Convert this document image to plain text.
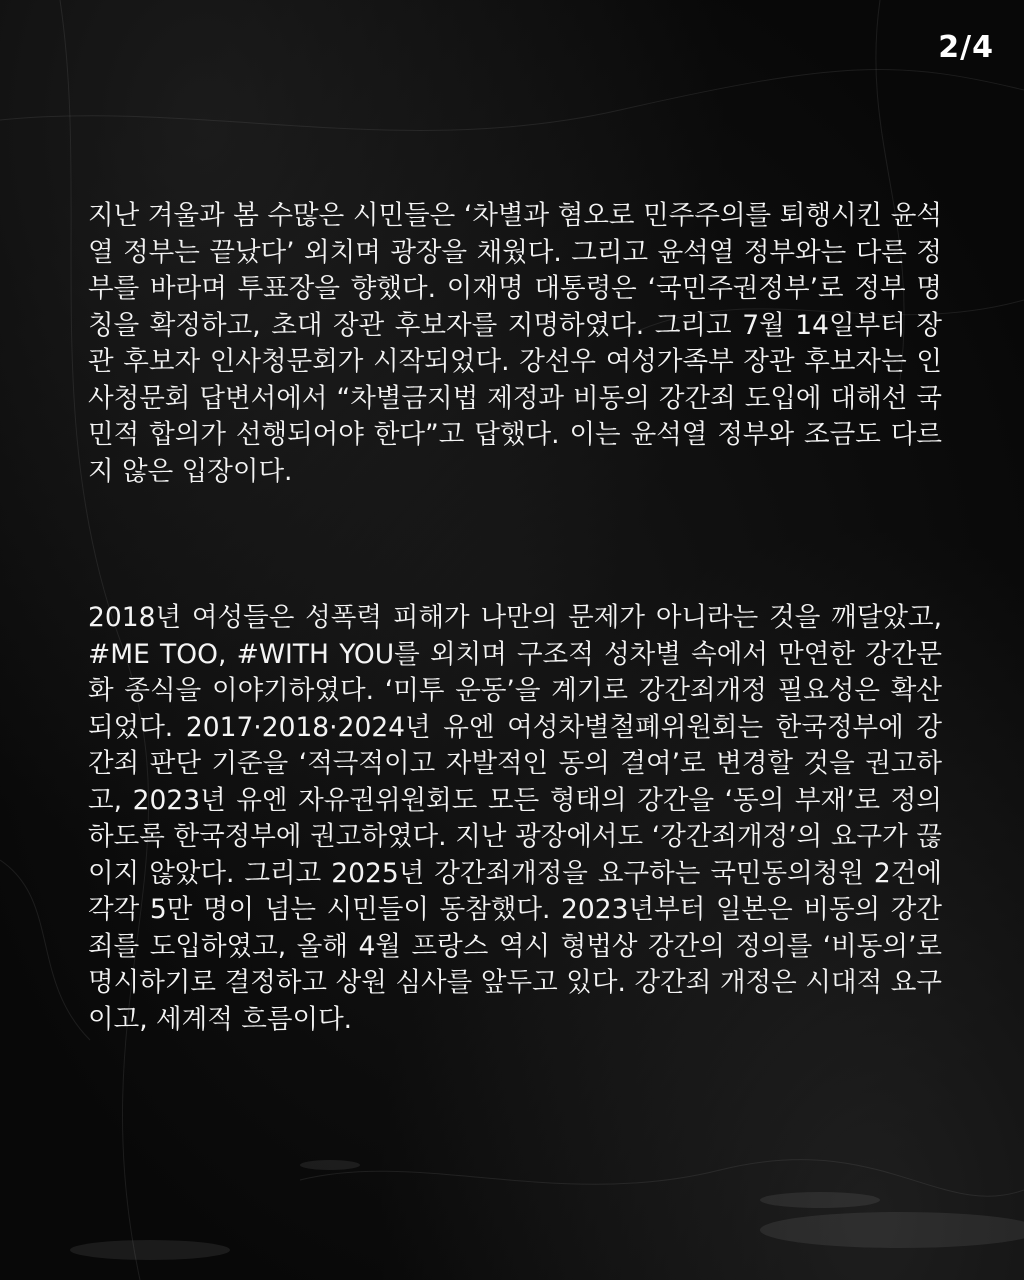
2/4

지난 겨울과 봄 수많은 시민들은 ‘차별과 혐오로 민주주의를 퇴행시킨 윤석열 정부는 끝났다’ 외치며 광장을 채웠다. 그리고 윤석열 정부와는 다른 정부를 바라며 투표장을 향했다. 이재명 대통령은 ‘국민주권정부’로 정부 명칭을 확정하고, 초대 장관 후보자를 지명하였다. 그리고 7월 14일부터 장관 후보자 인사청문회가 시작되었다. 강선우 여성가족부 장관 후보자는 인사청문회 답변서에서 “차별금지법 제정과 비동의 강간죄 도입에 대해선 국민적 합의가 선행되어야 한다”고 답했다. 이는 윤석열 정부와 조금도 다르지 않은 입장이다.

2018년 여성들은 성폭력 피해가 나만의 문제가 아니라는 것을 깨달았고, #ME TOO, #WITH YOU를 외치며 구조적 성차별 속에서 만연한 강간문화 종식을 이야기하였다. ‘미투 운동’을 계기로 강간죄개정 필요성은 확산되었다. 2017·2018·2024년 유엔 여성차별철폐위원회는 한국정부에 강간죄 판단 기준을 ‘적극적이고 자발적인 동의 결여’로 변경할 것을 권고하고, 2023년 유엔 자유권위원회도 모든 형태의 강간을 ‘동의 부재’로 정의하도록 한국정부에 권고하였다. 지난 광장에서도 ‘강간죄개정’의 요구가 끊이지 않았다. 그리고 2025년 강간죄개정을 요구하는 국민동의청원 2건에 각각 5만 명이 넘는 시민들이 동참했다. 2023년부터 일본은 비동의 강간죄를 도입하였고, 올해 4월 프랑스 역시 형법상 강간의 정의를 ‘비동의’로 명시하기로 결정하고 상원 심사를 앞두고 있다. 강간죄 개정은 시대적 요구이고, 세계적 흐름이다.
